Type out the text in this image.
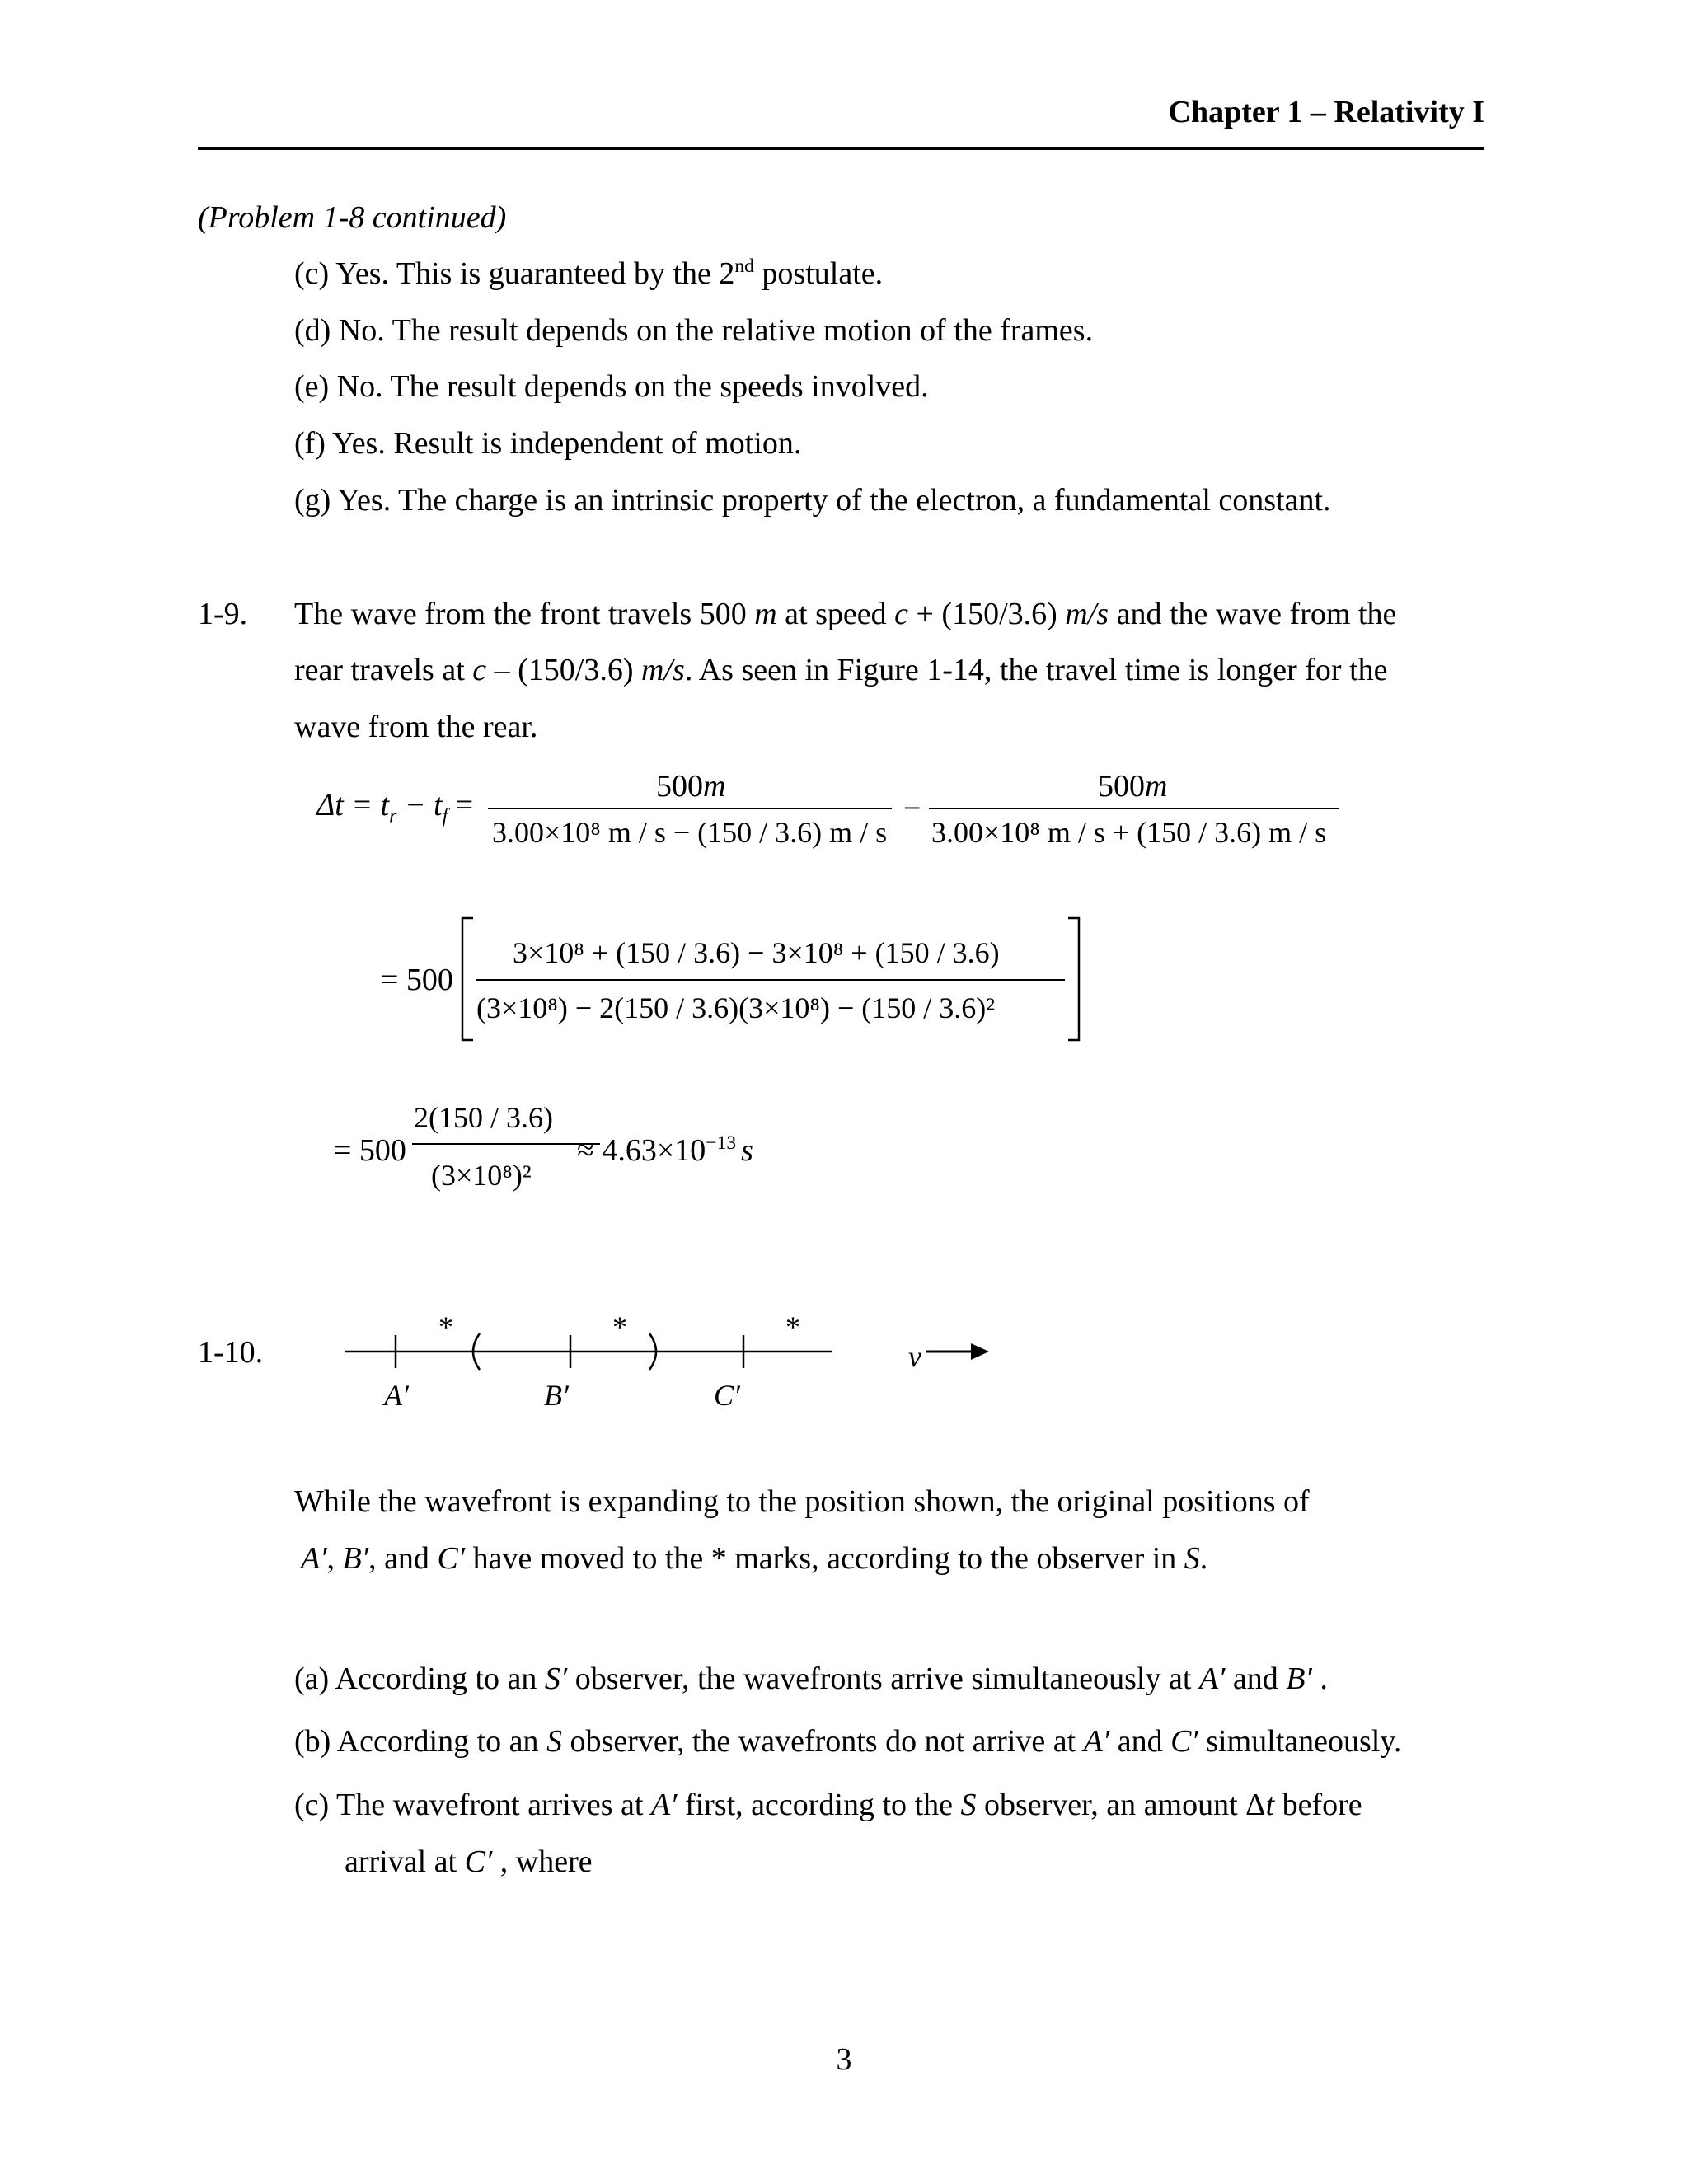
Chapter 1 – Relativity I
(Problem 1-8 continued)
(c) Yes. This is guaranteed by the 2nd postulate.
(d) No. The result depends on the relative motion of the frames.
(e) No. The result depends on the speeds involved.
(f) Yes. Result is independent of motion.
(g) Yes. The charge is an intrinsic property of the electron, a fundamental constant.
1-9. The wave from the front travels 500 m at speed c + (150/3.6) m/s and the wave from the
rear travels at c – (150/3.6) m/s. As seen in Figure 1-14, the travel time is longer for the
wave from the rear.
$\Delta t = t_r - t_f$ =
500m
3.00×10⁸ m / s − (150 / 3.6) m / s
−
500m
3.00×10⁸ m / s + (150 / 3.6) m / s
= 500
3×10⁸ + (150 / 3.6) − 3×10⁸ + (150 / 3.6)
(3×10⁸) − 2(150 / 3.6)(3×10⁸) − (150 / 3.6)²
= 500
2(150 / 3.6)
(3×10⁸)²
≈ $4.63\times 10^{-13}$ s
1-10.
*	*	*
A′	B′	C′
v
While the wavefront is expanding to the position shown, the original positions of
A′, B′, and C′ have moved to the * marks, according to the observer in S.
(a) According to an S′ observer, the wavefronts arrive simultaneously at A′ and B′ .
(b) According to an S observer, the wavefronts do not arrive at A′ and C′ simultaneously.
(c) The wavefront arrives at A′ first, according to the S observer, an amount Δt before
arrival at C′ , where
3
